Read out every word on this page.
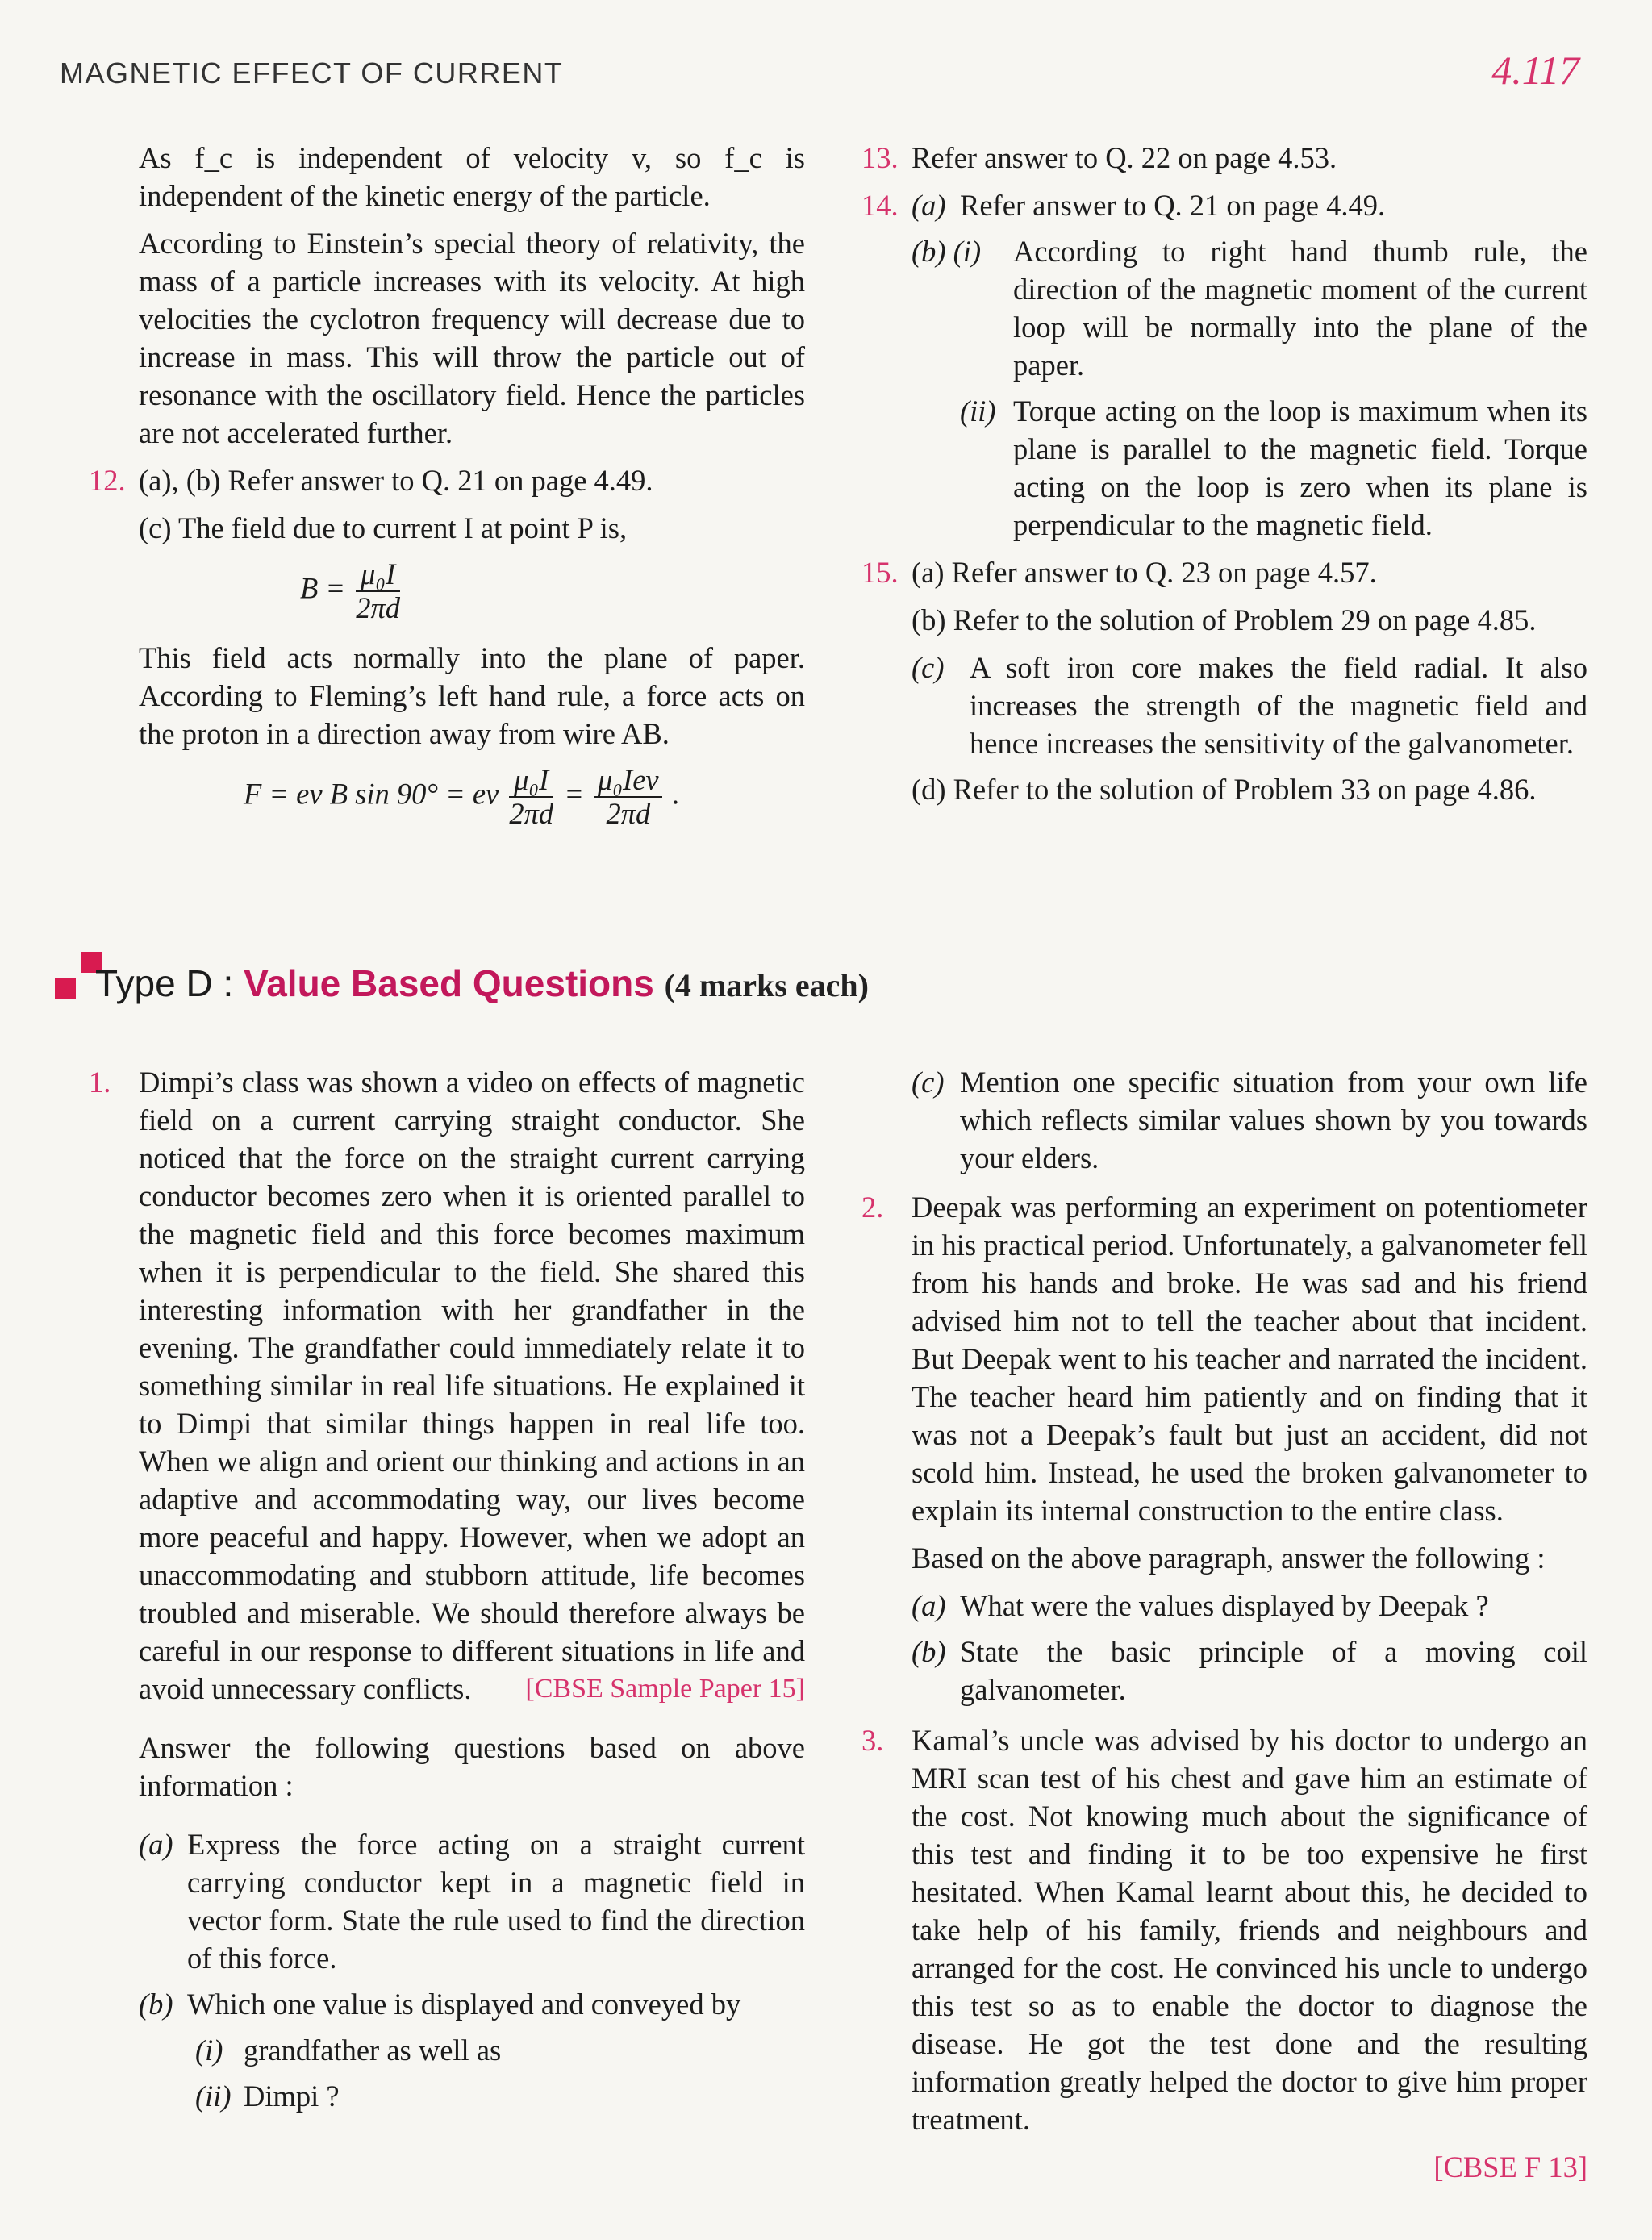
MAGNETIC EFFECT OF CURRENT	4.117

As f_c is independent of velocity v, so f_c is independent of the kinetic energy of the particle.

According to Einstein’s special theory of relativity, the mass of a particle increases with its velocity. At high velocities the cyclotron frequency will decrease due to increase in mass. This will throw the particle out of resonance with the oscillatory field. Hence the particles are not accelerated further.

12. (a), (b) Refer answer to Q. 21 on page 4.49.

(c) The field due to current I at point P is,

$B = \frac{\text{μ₀I}}{2\pi d}$

This field acts normally into the plane of paper. According to Fleming’s left hand rule, a force acts on the proton in a direction away from wire AB.

F = ev B sin 90° = ev $\frac{\text{μ₀I}}{2\pi d} = \frac{\text{μ₀Iev}}{2\pi d}$ .
13. Refer answer to Q. 22 on page 4.53.
14. (a) Refer answer to Q. 21 on page 4.49.
(b) (i) According to right hand thumb rule, the direction of the magnetic moment of the current loop will be normally into the plane of the paper.
(ii) Torque acting on the loop is maximum when its plane is parallel to the magnetic field. Torque acting on the loop is zero when its plane is perpendicular to the magnetic field.
15. (a) Refer answer to Q. 23 on page 4.57.

(b) Refer to the solution of Problem 29 on page 4.85.

(c) A soft iron core makes the field radial. It also increases the strength of the magnetic field and hence increases the sensitivity of the galvanometer.

(d) Refer to the solution of Problem 33 on page 4.86.

Type D : Value Based Questions (4 marks each)
1. Dimpi’s class was shown a video on effects of magnetic field on a current carrying straight conductor. She noticed that the force on the straight current carrying conductor becomes zero when it is oriented parallel to the magnetic field and this force becomes maximum when it is perpendicular to the field. She shared this interesting information with her grandfather in the evening. The grandfather could immediately relate it to something similar in real life situations. He explained it to Dimpi that similar things happen in real life too. When we align and orient our thinking and actions in an adaptive and accommodating way, our lives become more peaceful and happy. However, when we adopt an unaccommodating and stubborn attitude, life becomes troubled and miserable. We should therefore always be careful in our response to different situations in life and avoid unnecessary conflicts. [CBSE Sample Paper 15]

Answer the following questions based on above information :

(a) Express the force acting on a straight current carrying conductor kept in a magnetic field in vector form. State the rule used to find the direction of this force.
(b) Which one value is displayed and conveyed by
(i) grandfather as well as
(ii) Dimpi ?
(c) Mention one specific situation from your own life which reflects similar values shown by you towards your elders.
2. Deepak was performing an experiment on potentiometer in his practical period. Unfortunately, a galvanometer fell from his hands and broke. He was sad and his friend advised him not to tell the teacher about that incident. But Deepak went to his teacher and narrated the incident. The teacher heard him patiently and on finding that it was not a Deepak’s fault but just an accident, did not scold him. Instead, he used the broken galvanometer to explain its internal construction to the entire class.

Based on the above paragraph, answer the following :

(a) What were the values displayed by Deepak ?
(b) State the basic principle of a moving coil galvanometer.
3. Kamal’s uncle was advised by his doctor to undergo an MRI scan test of his chest and gave him an estimate of the cost. Not knowing much about the significance of this test and finding it to be too expensive he first hesitated. When Kamal learnt about this, he decided to take help of his family, friends and neighbours and arranged for the cost. He convinced his uncle to undergo this test so as to enable the doctor to diagnose the disease. He got the test done and the resulting information greatly helped the doctor to give him proper treatment.

[CBSE F 13]
